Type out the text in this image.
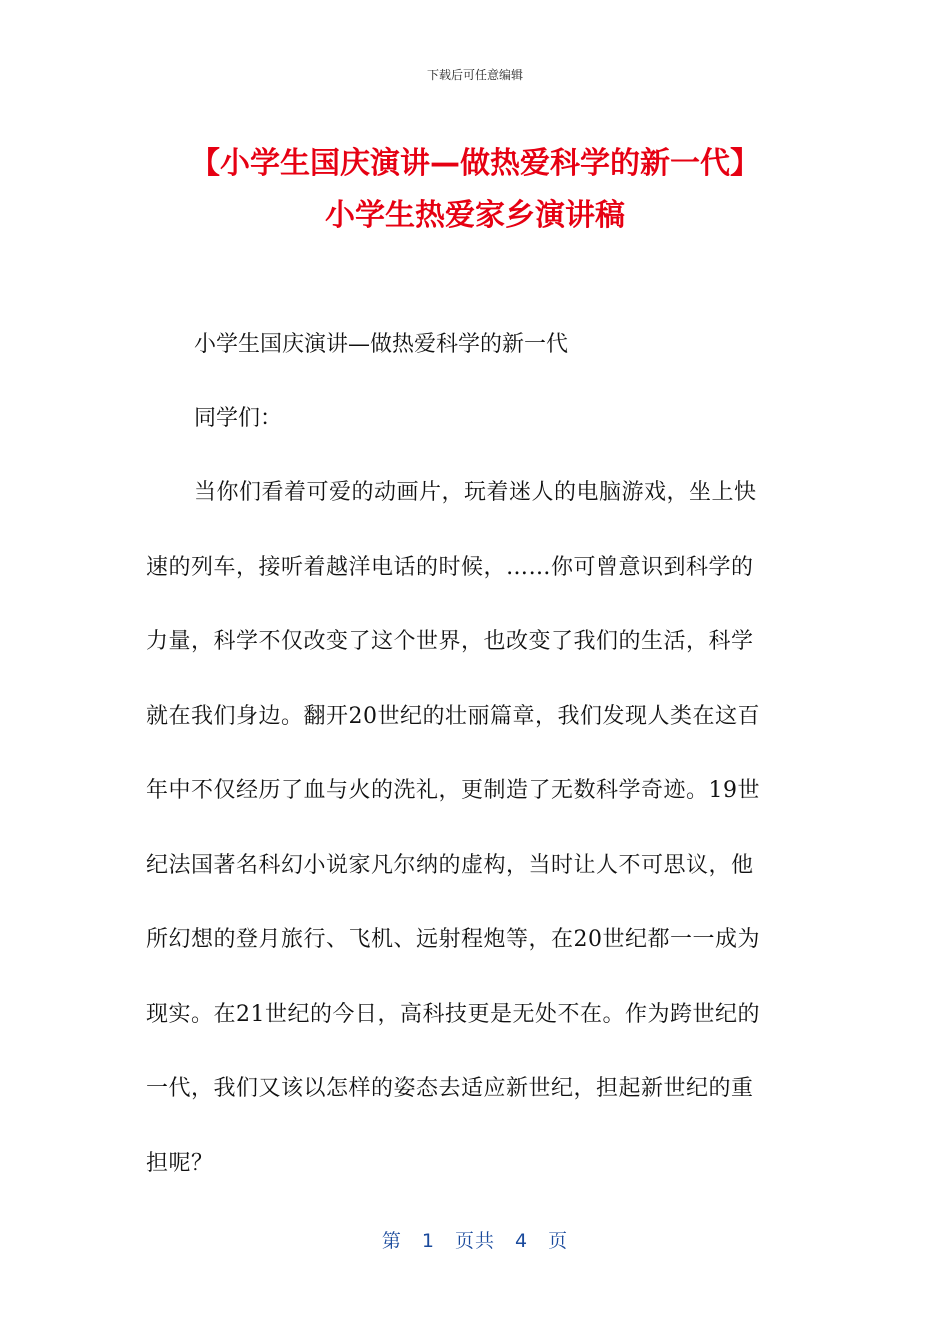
下载后可任意编辑
【小学生国庆演讲—做热爱科学的新一代】
小学生热爱家乡演讲稿
小学生国庆演讲—做热爱科学的新一代
同学们：
当你们看着可爱的动画片，玩着迷人的电脑游戏，坐上快
速的列车，接听着越洋电话的时候，……你可曾意识到科学的
力量，科学不仅改变了这个世界，也改变了我们的生活，科学
就在我们身边。翻开20世纪的壮丽篇章，我们发现人类在这百
年中不仅经历了血与火的洗礼，更制造了无数科学奇迹。19世
纪法国著名科幻小说家凡尔纳的虚构，当时让人不可思议，他
所幻想的登月旅行、飞机、远射程炮等，在20世纪都一一成为
现实。在21世纪的今日，高科技更是无处不在。作为跨世纪的
一代，我们又该以怎样的姿态去适应新世纪，担起新世纪的重
担呢？
第 1 页共 4 页
